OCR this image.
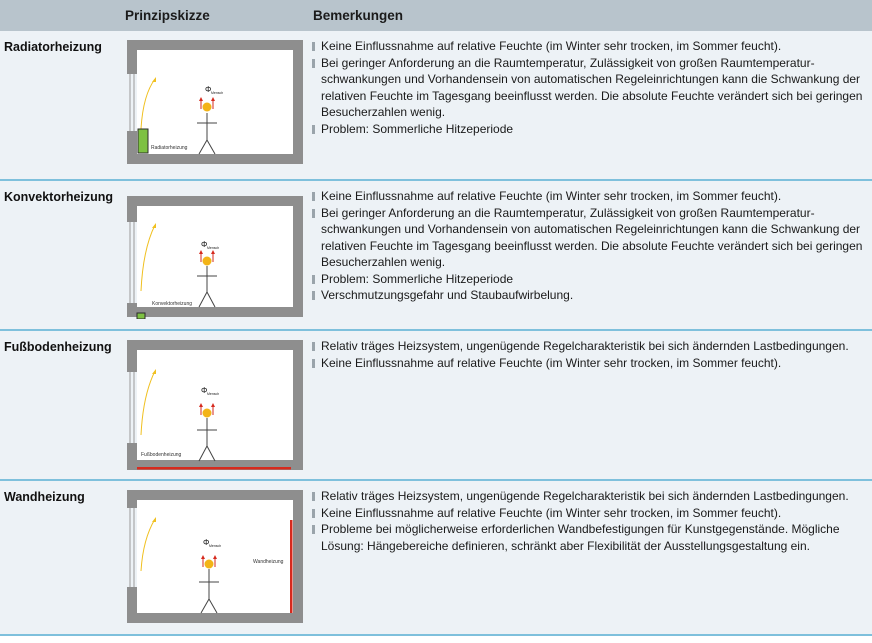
Prinzipskizze	Bemerkungen
Radiatorheizung
Radiatorheizung
Φ Mensch
Keine Einflussnahme auf relative Feuchte (im Winter sehr trocken, im Sommer feucht).
Bei geringer Anforderung an die Raumtemperatur, Zulässigkeit von großen Raumtemperatur-schwankungen und Vorhandensein von automatischen Regeleinrichtungen kann die Schwankung der relativen Feuchte im Tagesgang beeinflusst werden. Die absolute Feuchte verändert sich bei geringen Besucherzahlen wenig.
Problem: Sommerliche Hitzeperiode
Konvektorheizung
Konvektorheizung
Φ Mensch
Keine Einflussnahme auf relative Feuchte (im Winter sehr trocken, im Sommer feucht).
Bei geringer Anforderung an die Raumtemperatur, Zulässigkeit von großen Raumtemperatur-schwankungen und Vorhandensein von automatischen Regeleinrichtungen kann die Schwankung der relativen Feuchte im Tagesgang beeinflusst werden. Die absolute Feuchte verändert sich bei geringen Besucherzahlen wenig.
Problem: Sommerliche Hitzeperiode
Verschmutzungsgefahr und Staubaufwirbelung.
Fußbodenheizung
Fußbodenheizung
Φ Mensch
Relativ träges Heizsystem, ungenügende Regelcharakteristik bei sich ändernden Lastbedingungen.
Keine Einflussnahme auf relative Feuchte (im Winter sehr trocken, im Sommer feucht).
Wandheizung
Wandheizung
Φ Mensch
Relativ träges Heizsystem, ungenügende Regelcharakteristik bei sich ändernden Lastbedingungen.
Keine Einflussnahme auf relative Feuchte (im Winter sehr trocken, im Sommer feucht).
Probleme bei möglicherweise erforderlichen Wandbefestigungen für Kunstgegenstände. Mögliche Lösung: Hängebereiche definieren, schränkt aber Flexibilität der Ausstellungsgestaltung ein.
